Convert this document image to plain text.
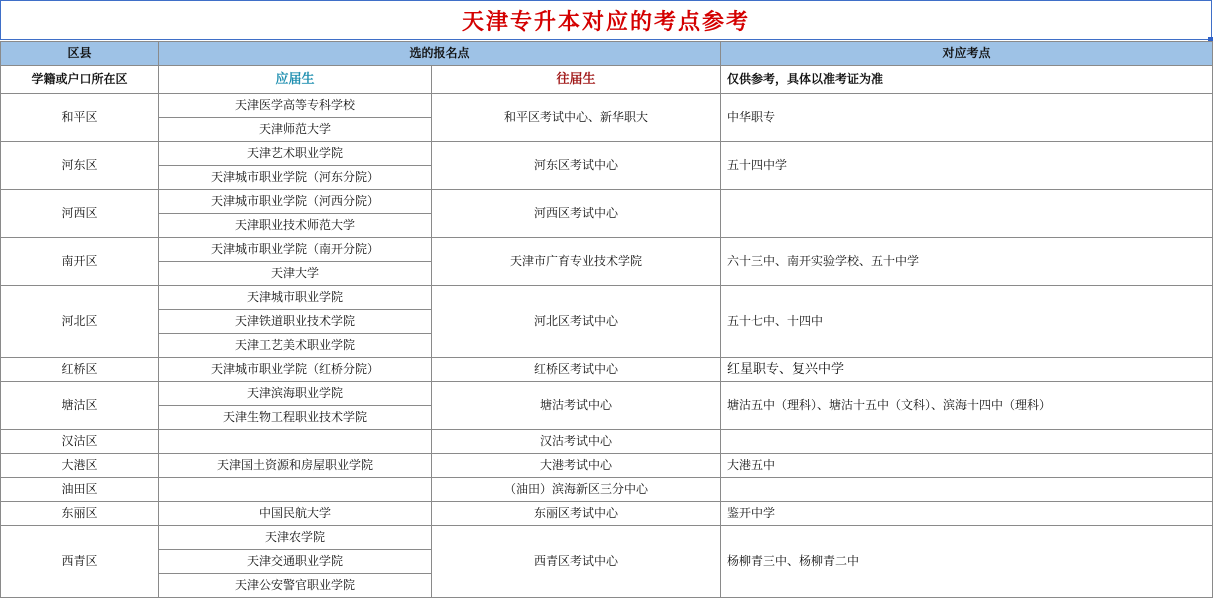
天津专升本对应的考点参考
区县	选的报名点		对应考点
学籍或户口所在区	应届生	往届生	仅供参考，具体以准考证为准
和平区	天津医学高等专科学校	和平区考试中心、新华职大	中华职专
	天津师范大学		
河东区	天津艺术职业学院	河东区考试中心	五十四中学
	天津城市职业学院（河东分院）		
河西区	天津城市职业学院（河西分院）	河西区考试中心	
	天津职业技术师范大学		
南开区	天津城市职业学院（南开分院）	天津市广育专业技术学院	六十三中、南开实验学校、五十中学
	天津大学		
河北区	天津城市职业学院	河北区考试中心	五十七中、十四中
	天津铁道职业技术学院		
	天津工艺美术职业学院		
红桥区	天津城市职业学院（红桥分院）	红桥区考试中心	红星职专、复兴中学
塘沽区	天津滨海职业学院	塘沽考试中心	塘沽五中（理科）、塘沽十五中（文科）、滨海十四中（理科）
	天津生物工程职业技术学院		
汉沽区		汉沽考试中心	
大港区	天津国土资源和房屋职业学院	大港考试中心	大港五中
油田区		（油田）滨海新区三分中心	
东丽区	中国民航大学	东丽区考试中心	鉴开中学
西青区	天津农学院	西青区考试中心	杨柳青三中、杨柳青二中
	天津交通职业学院		
	天津公安警官职业学院		
